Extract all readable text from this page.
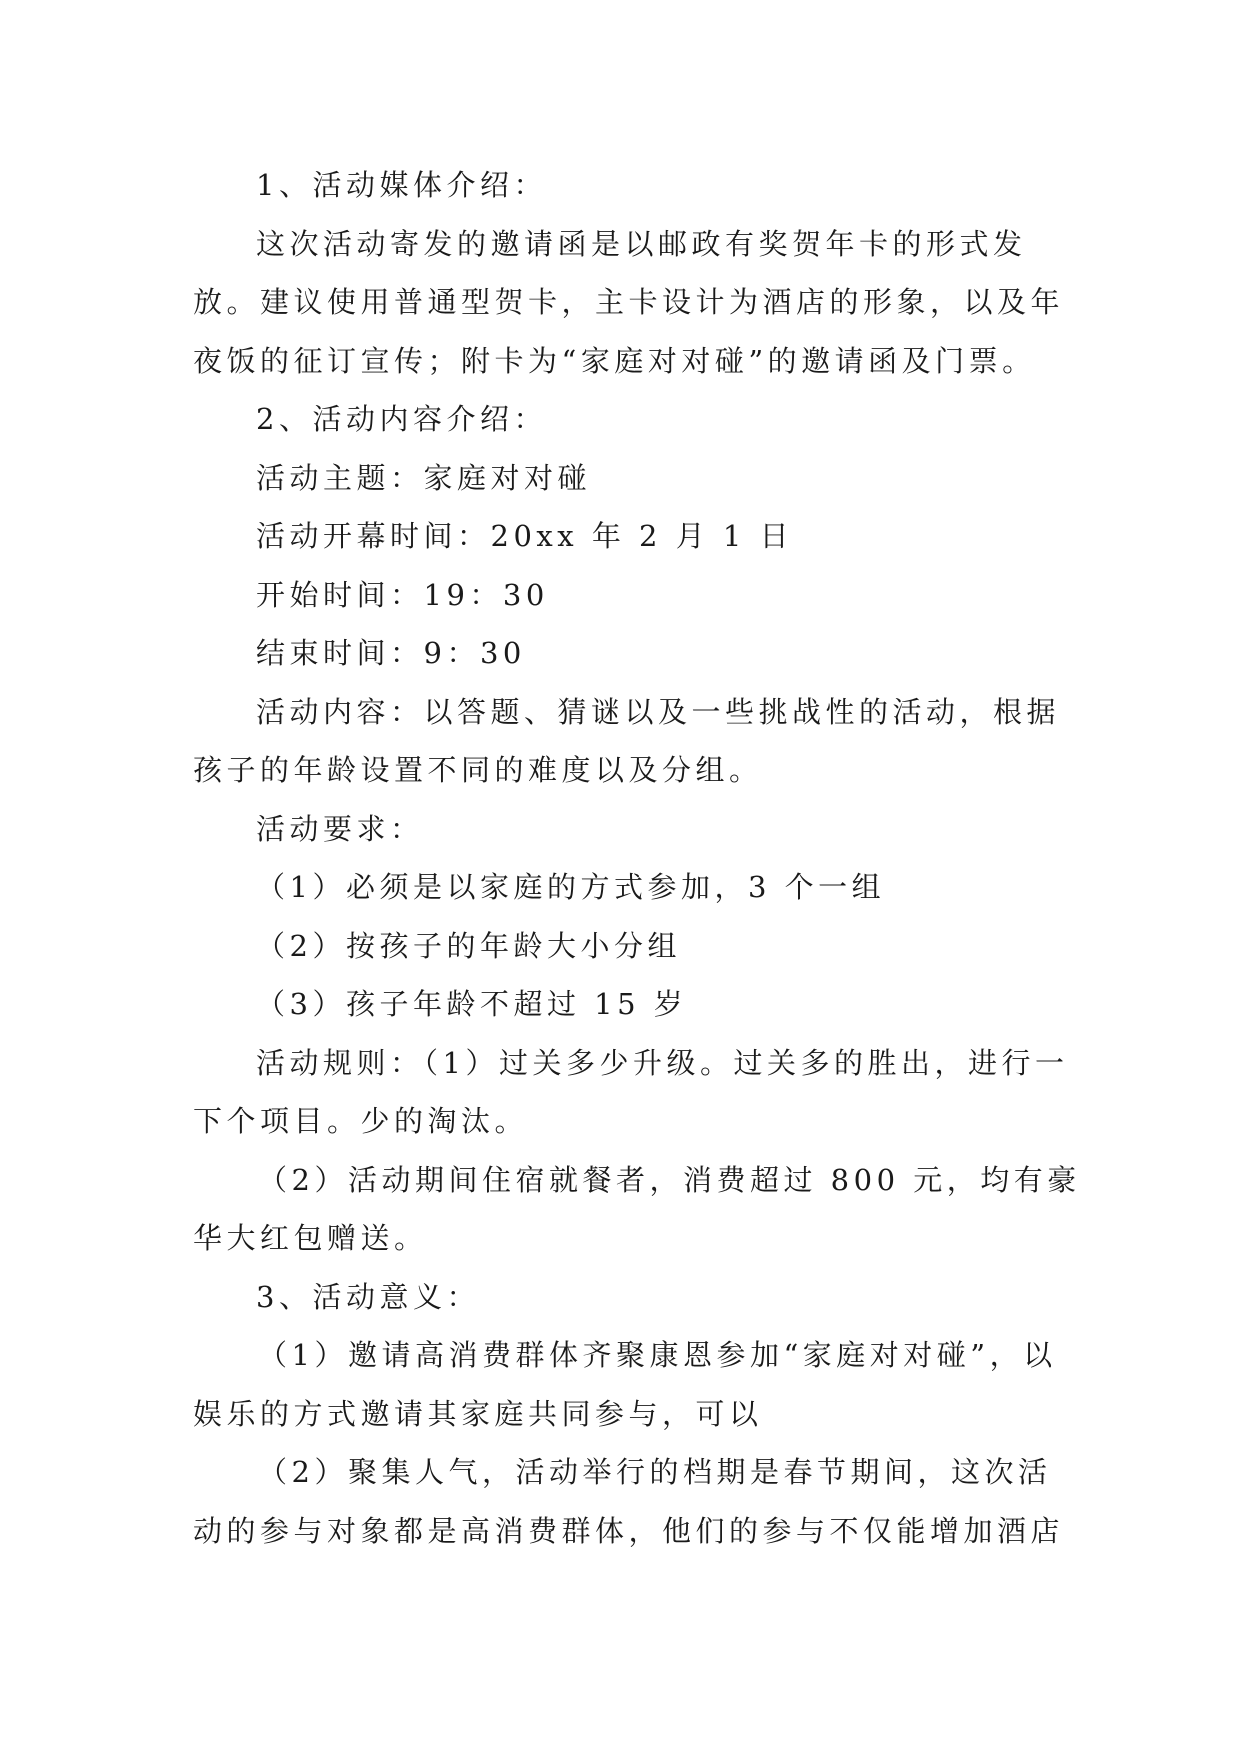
1、活动媒体介绍：
这次活动寄发的邀请函是以邮政有奖贺年卡的形式发
放。建议使用普通型贺卡，主卡设计为酒店的形象，以及年
夜饭的征订宣传；附卡为“家庭对对碰”的邀请函及门票。
2、活动内容介绍：
活动主题：家庭对对碰
活动开幕时间：20xx 年 2 月 1 日
开始时间：19：30
结束时间：9：30
活动内容：以答题、猜谜以及一些挑战性的活动，根据
孩子的年龄设置不同的难度以及分组。
活动要求：
（1）必须是以家庭的方式参加，3 个一组
（2）按孩子的年龄大小分组
（3）孩子年龄不超过 15 岁
活动规则：（1）过关多少升级。过关多的胜出，进行一
下个项目。少的淘汰。
（2）活动期间住宿就餐者，消费超过 800 元，均有豪
华大红包赠送。
3、活动意义：
（1）邀请高消费群体齐聚康恩参加“家庭对对碰”，以
娱乐的方式邀请其家庭共同参与，可以
（2）聚集人气，活动举行的档期是春节期间，这次活
动的参与对象都是高消费群体，他们的参与不仅能增加酒店
